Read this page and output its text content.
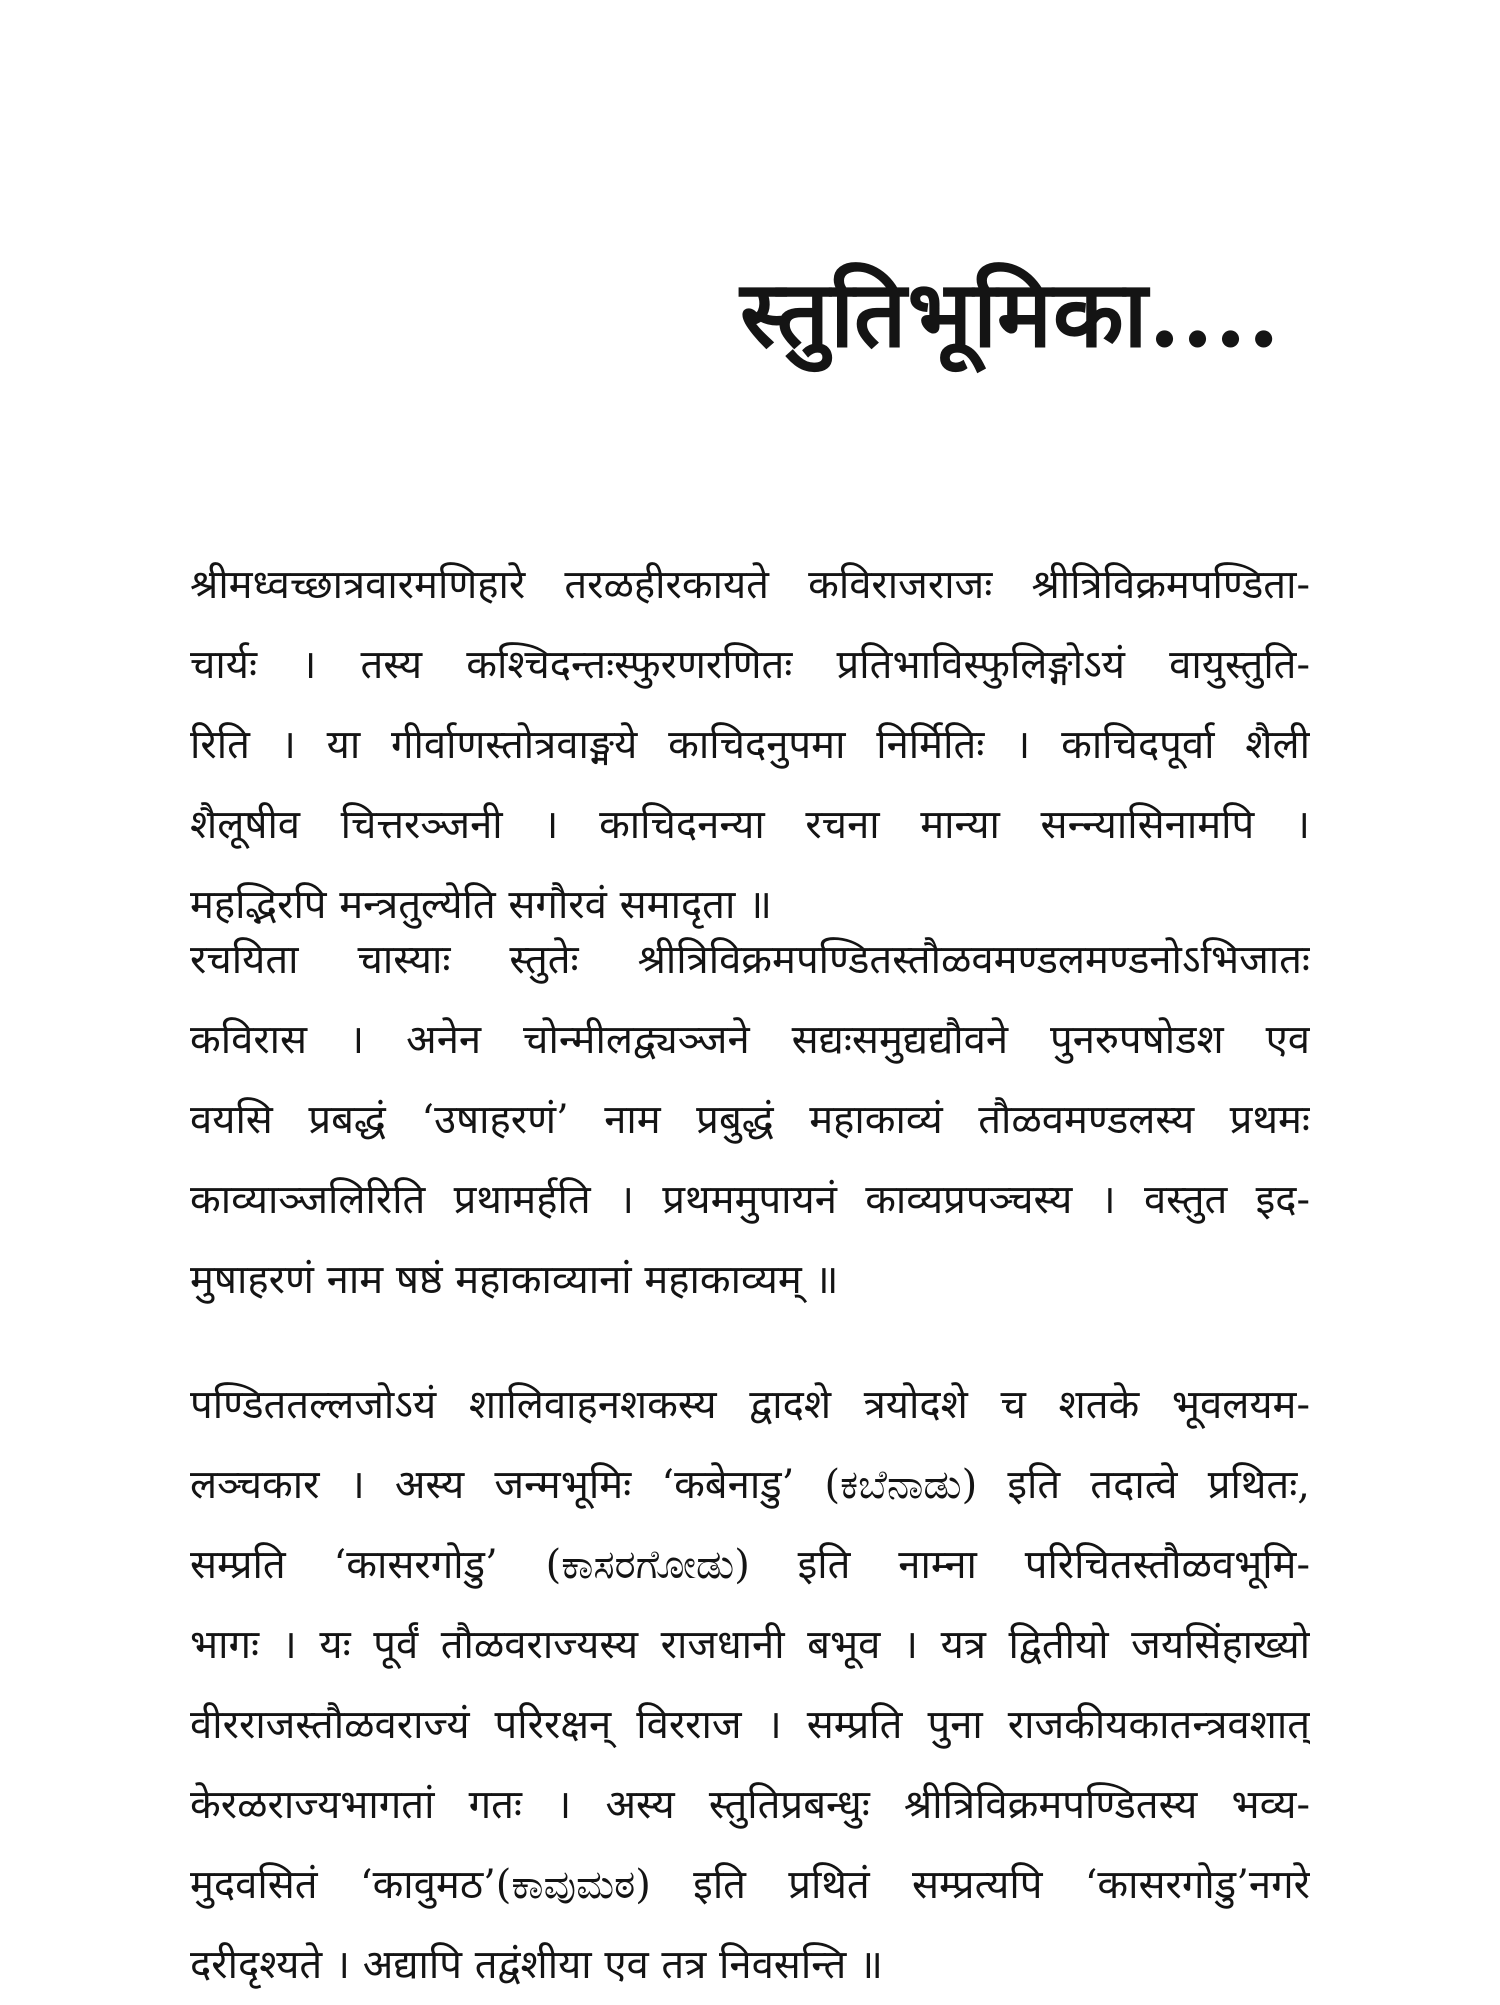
स्तुतिभूमिका....
श्रीमध्वच्छात्रवारमणिहारे तरळहीरकायते कविराजराजः श्रीत्रिविक्रमपण्डिता-
चार्यः । तस्य कश्चिदन्तःस्फुरणरणितः प्रतिभाविस्फुलिङ्गोऽयं वायुस्तुति-
रिति । या गीर्वाणस्तोत्रवाङ्मये काचिदनुपमा निर्मितिः । काचिदपूर्वा शैली
शैलूषीव चित्तरञ्जनी । काचिदनन्या रचना मान्या सन्न्यासिनामपि ।
महद्भिरपि मन्त्रतुल्येति सगौरवं समादृता ॥
रचयिता चास्याः स्तुतेः श्रीत्रिविक्रमपण्डितस्तौळवमण्डलमण्डनोऽभिजातः
कविरास । अनेन चोन्मीलद्व्यञ्जने सद्यःसमुद्यद्यौवने पुनरुपषोडश एव
वयसि प्रबद्धं ‘उषाहरणं’ नाम प्रबुद्धं महाकाव्यं तौळवमण्डलस्य प्रथमः
काव्याञ्जलिरिति प्रथामर्हति । प्रथममुपायनं काव्यप्रपञ्चस्य । वस्तुत इद-
मुषाहरणं नाम षष्ठं महाकाव्यानां महाकाव्यम् ॥
पण्डिततल्लजोऽयं शालिवाहनशकस्य द्वादशे त्रयोदशे च शतके भूवलयम-
लञ्चकार । अस्य जन्मभूमिः ‘कबेनाडु’ (ಕಬೆನಾಡು) इति तदात्वे प्रथितः,
सम्प्रति ‘कासरगोडु’ (ಕಾಸರಗೋಡು) इति नाम्ना परिचितस्तौळवभूमि-
भागः । यः पूर्वं तौळवराज्यस्य राजधानी बभूव । यत्र द्वितीयो जयसिंहाख्यो
वीरराजस्तौळवराज्यं परिरक्षन् विरराज । सम्प्रति पुना राजकीयकातन्त्रवशात्
केरळराज्यभागतां गतः । अस्य स्तुतिप्रबन्धुः श्रीत्रिविक्रमपण्डितस्य भव्य-
मुदवसितं ‘कावुमठ’(ಕಾವುಮಠ) इति प्रथितं सम्प्रत्यपि ‘कासरगोडु’नगरे
दरीदृश्यते । अद्यापि तद्वंशीया एव तत्र निवसन्ति ॥
